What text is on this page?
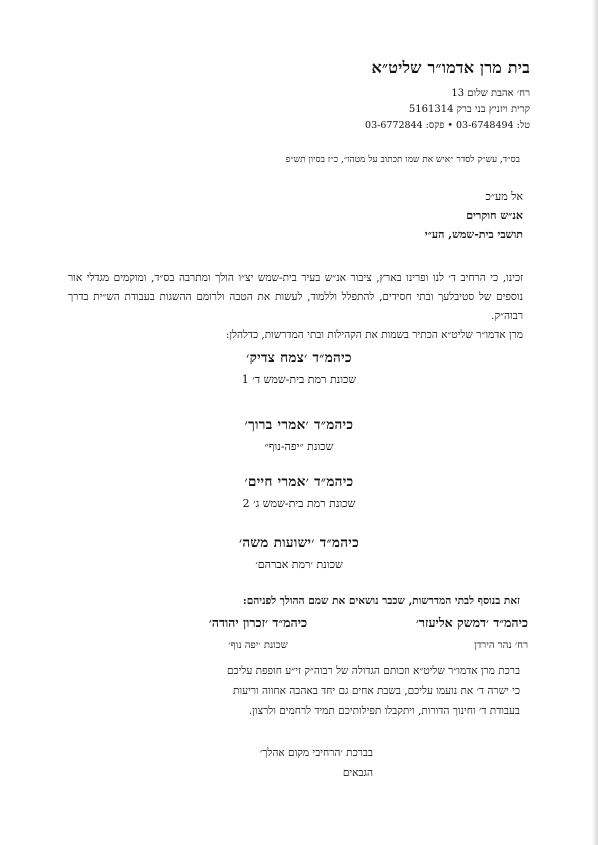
בית מרן אדמו״ר שליט״א
רח׳ אהבת שלום 13
קרית ויזניץ בני ברק 5161314
טל: 03-6748494 • פקס: 03-6772844
בס״ד, עש״ק לסדר ״איש את שמו תכתוב על מטהו״, כ״ז בסיון תש״פ
אל מע״כ
אנ״ש חוקרים
תושבי בית-שמש, הע״י

זכינו, כי הרחיב ד׳ לנו ופרינו בארץ, ציבור אנ״ש בעיר בית-שמש יצ״ו הולך ומתרבה בס״ד, ומוקמים מגדלי אור נוספים של סטיבלעך ובתי חסידים, להתפלל וללמוד, לעשות את הטבה ולרומם ההשגות בעבודת הש״ית בדרך רבוה״ק.

מרן אדמו״ר שליט״א הכתיר בשמות את הקהילות ובתי המדרשות, כדלהלן:

כיהמ״ד ׳צמח צדיק׳
שכונת רמת בית-שמש ד׳ 1
כיהמ״ד ׳אמרי ברוך׳
שכונת ״יפה-נוף״
כיהמ״ד ׳אמרי חיים׳
שכונת רמת בית-שמש ג׳ 2
כיהמ״ד ׳ישועות משה׳
שכונת ׳רמת אברהם׳
זאת בנוסף לבתי המדרשות, שכבר נושאים את שמם ההולך לפניהם:
כיהמ״ד ׳דמשק אליעזר׳
רח׳ נהר הירדן
כיהמ״ד ׳זכרון יהודה׳
שכונת ׳יפה נוף׳

ברכת מרן אדמו״ר שליט״א וזכותם הגדולה של רבוה״ק זי״ע חופפת עליכם

כי ישרה ד׳ את נועמו עליכם, בשבת אחים גם יחד באהבה אחווה וריעות

בעבודת ד׳ וחינוך הדורות, ויתקבלו תפילותיכם תמיד לרחמים ולרצון.

בברכת ׳הרחיבי מקום אהלך׳

הגבאים
